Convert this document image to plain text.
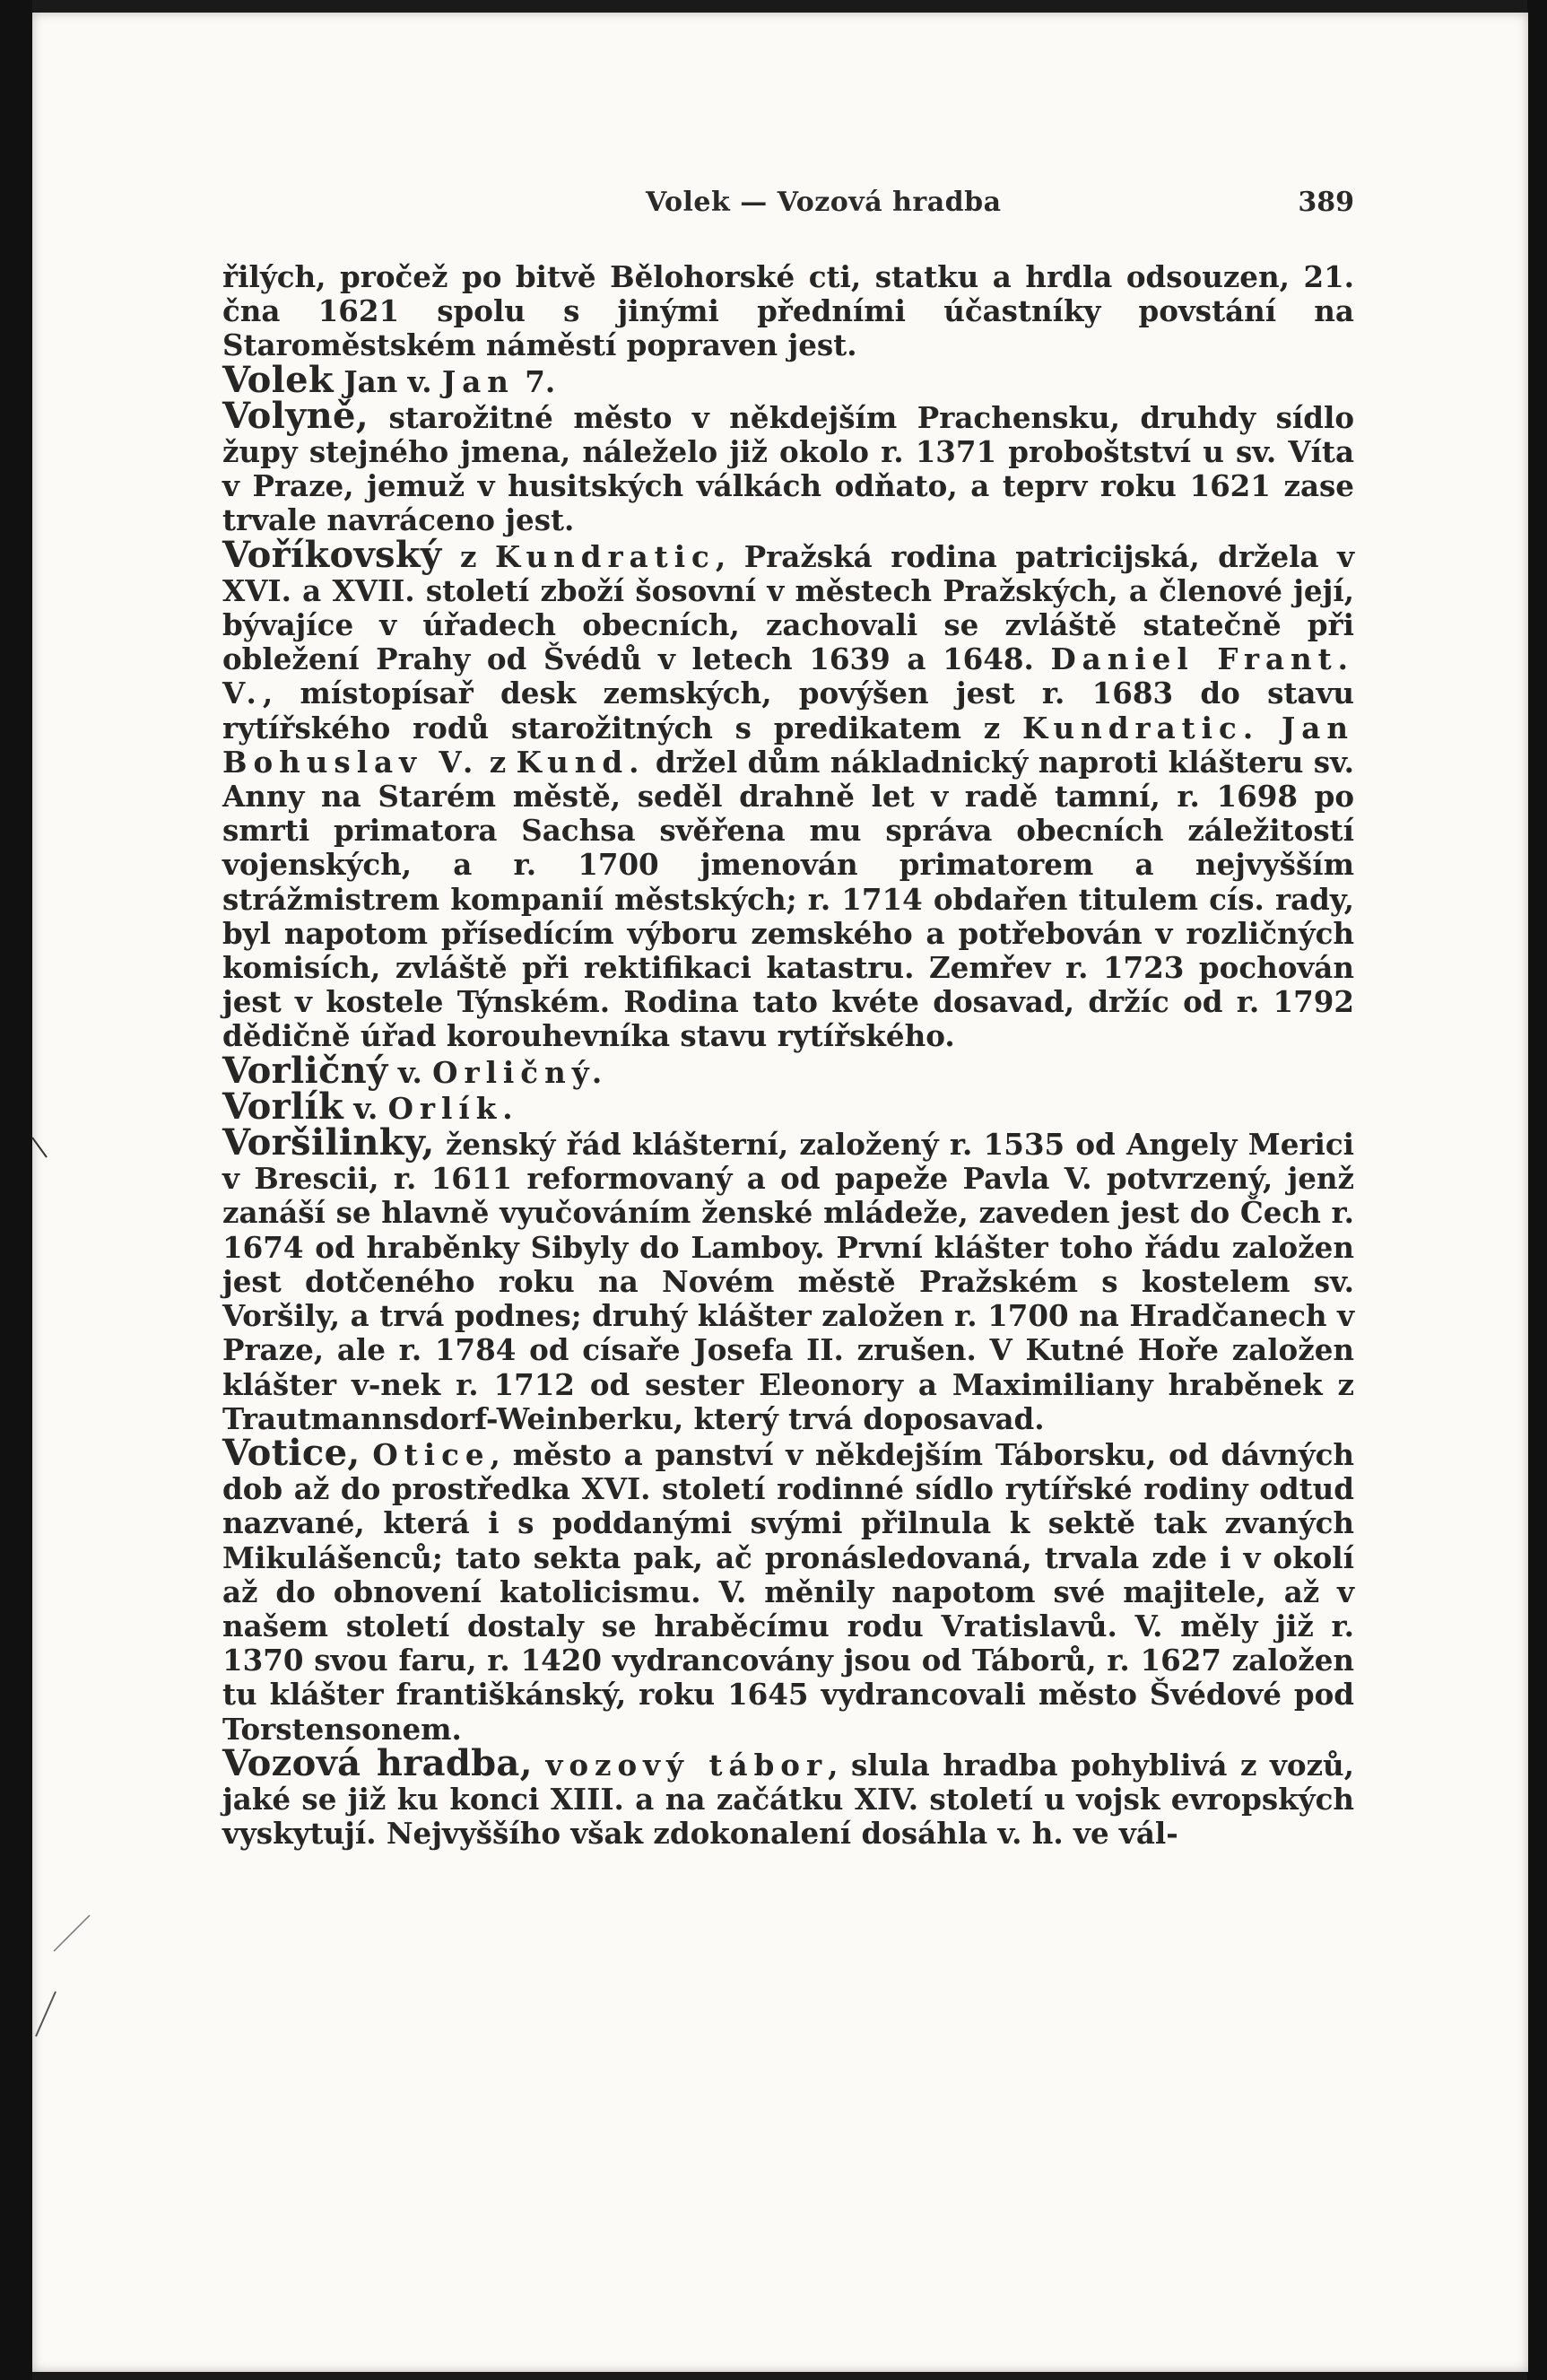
Volek — Vozová hradba	389

řilých, pročež po bitvě Bělohorské cti, statku a hrdla odsouzen, 21. čna 1621 spolu s jinými předními účastníky povstání na Staroměstském náměstí popraven jest.

Volek Jan v. Jan 7.

Volyně, starožitné město v někdejším Prachensku, druhdy sídlo župy stejného jmena, náleželo již okolo r. 1371 proboštství u sv. Víta v Praze, jemuž v husitských válkách odňato, a teprv roku 1621 zase trvale navráceno jest.

Voříkovský z Kundratic, Pražská rodina patricijská, držela v XVI. a XVII. století zboží šosovní v městech Pražských, a členové její, bývajíce v úřadech obecních, zachovali se zvláště statečně při obležení Prahy od Švédů v letech 1639 a 1648. Daniel Frant. V., místopísař desk zemských, povýšen jest r. 1683 do stavu rytířského rodů starožitných s predikatem z Kundratic. Jan Bohuslav V. z Kund. držel dům nákladnický naproti klášteru sv. Anny na Starém městě, seděl drahně let v radě tamní, r. 1698 po smrti primatora Sachsa svěřena mu správa obecních záležitostí vojenských, a r. 1700 jmenován primatorem a nejvyšším strážmistrem kompanií městských; r. 1714 obdařen titulem cís. rady, byl napotom přísedícím výboru zemského a potřebován v rozličných komisích, zvláště při rektifikaci katastru. Zemřev r. 1723 pochován jest v kostele Týnském. Rodina tato kvéte dosavad, držíc od r. 1792 dědičně úřad korouhevníka stavu rytířského.

Vorličný v. Orličný.

Vorlík v. Orlík.

Voršilinky, ženský řád klášterní, založený r. 1535 od Angely Merici v Brescii, r. 1611 reformovaný a od papeže Pavla V. potvrzený, jenž zanáší se hlavně vyučováním ženské mládeže, zaveden jest do Čech r. 1674 od hraběnky Sibyly do Lamboy. První klášter toho řádu založen jest dotčeného roku na Novém městě Pražském s kostelem sv. Voršily, a trvá podnes; druhý klášter založen r. 1700 na Hradčanech v Praze, ale r. 1784 od císaře Josefa II. zrušen. V Kutné Hoře založen klášter v-nek r. 1712 od sester Eleonory a Maximiliany hraběnek z Trautmannsdorf-Weinberku, který trvá doposavad.

Votice, Otice, město a panství v někdejším Táborsku, od dávných dob až do prostředka XVI. století rodinné sídlo rytířské rodiny odtud nazvané, která i s poddanými svými přilnula k sektě tak zvaných Mikulášenců; tato sekta pak, ač pronásledovaná, trvala zde i v okolí až do obnovení katolicismu. V. měnily napotom své majitele, až v našem století dostaly se hraběcímu rodu Vratislavů. V. měly již r. 1370 svou faru, r. 1420 vydrancovány jsou od Táborů, r. 1627 založen tu klášter františkánský, roku 1645 vydrancovali město Švédové pod Torstensonem.

Vozová hradba, vozový tábor, slula hradba pohyblivá z vozů, jaké se již ku konci XIII. a na začátku XIV. století u vojsk evropských vyskytují. Nejvyššího však zdokonalení dosáhla v. h. ve vál-
